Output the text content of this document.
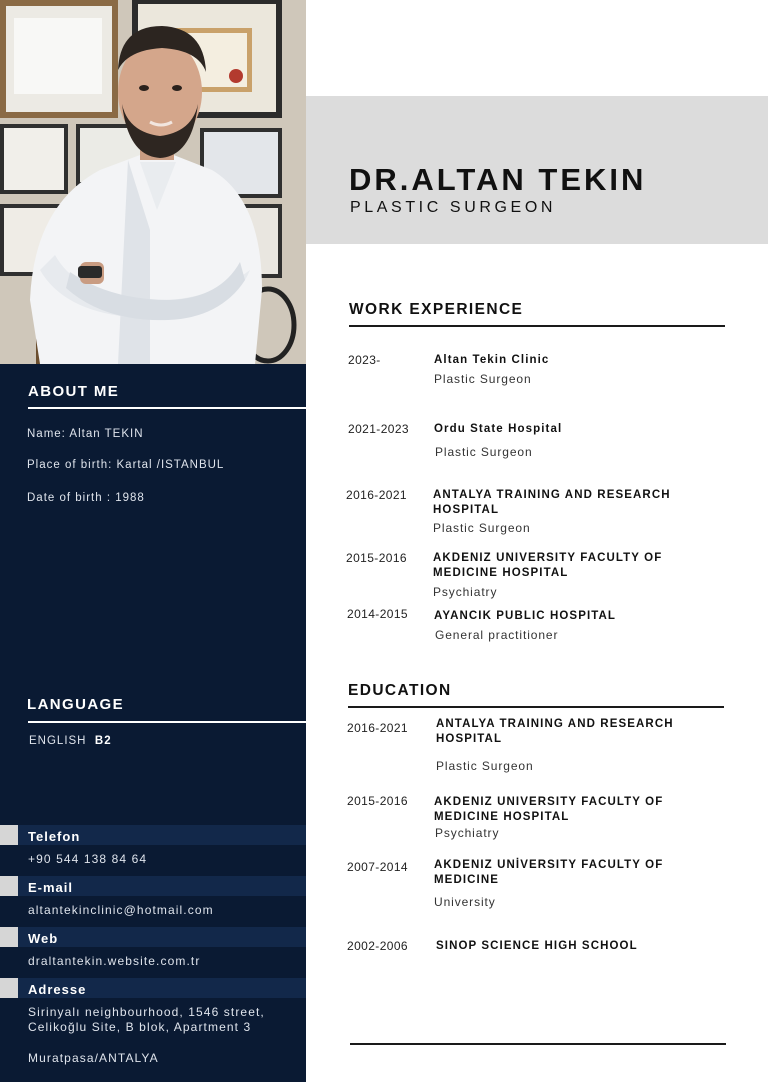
ABOUT ME
Name: Altan TEKIN
Place of birth: Kartal /ISTANBUL
Date of birth : 1988
LANGUAGE
ENGLISH B2
Telefon
+90 544 138 84 64
E-mail
altantekinclinic@hotmail.com
Web
draltantekin.website.com.tr
Adresse
Sirinyalı neighbourhood, 1546 street,
Celikoğlu Site, B blok, Apartment 3
Muratpasa/ANTALYA
DR.ALTAN TEKIN
PLASTIC SURGEON
WORK EXPERIENCE
2023-	Altan Tekin Clinic
Plastic Surgeon
2021-2023 Ordu State Hospital
Plastic Surgeon
2016-2021 ANTALYA TRAINING AND RESEARCH HOSPITAL
Plastic Surgeon
2015-2016 AKDENIZ UNIVERSITY FACULTY OF MEDICINE HOSPITAL
Psychiatry
2014-2015 AYANCIK PUBLIC HOSPITAL
General practitioner
EDUCATION
2016-2021 ANTALYA TRAINING AND RESEARCH HOSPITAL
Plastic Surgeon
2015-2016 AKDENIZ UNIVERSITY FACULTY OF MEDICINE HOSPITAL
Psychiatry
2007-2014 AKDENIZ UNİVERSITY FACULTY OF MEDICINE
University
2002-2006 SINOP SCIENCE HIGH SCHOOL
